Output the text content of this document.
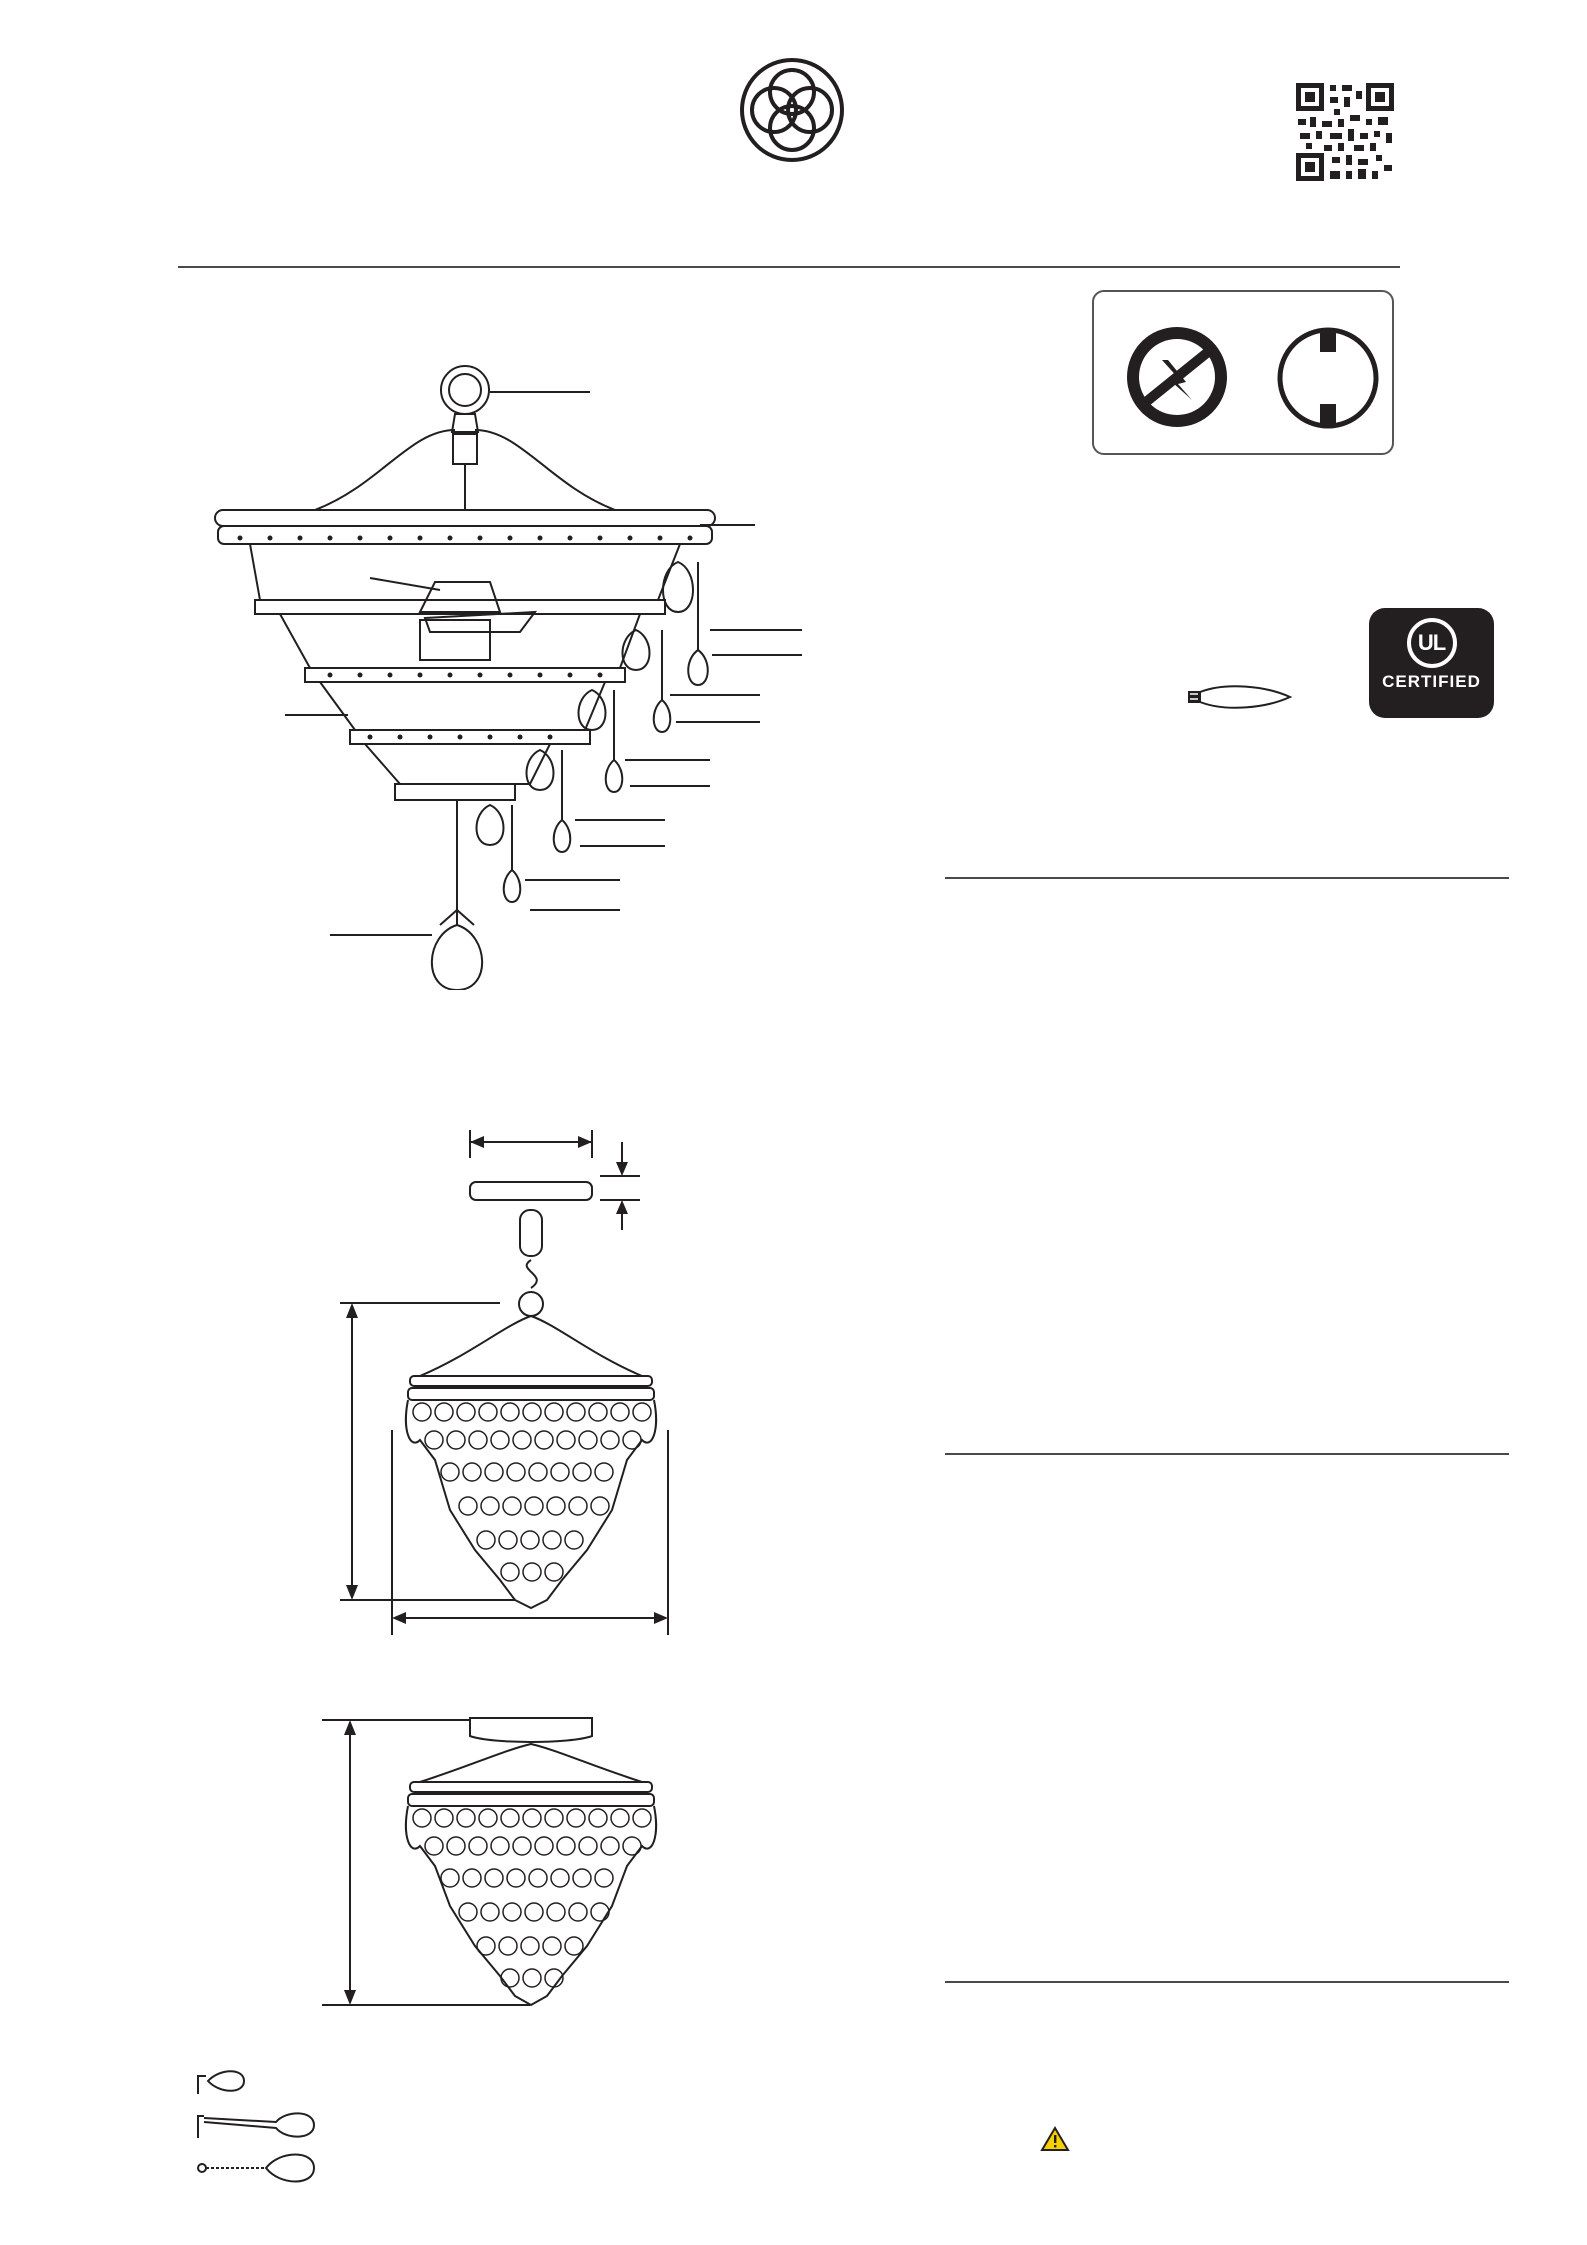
UL
CERTIFIED
